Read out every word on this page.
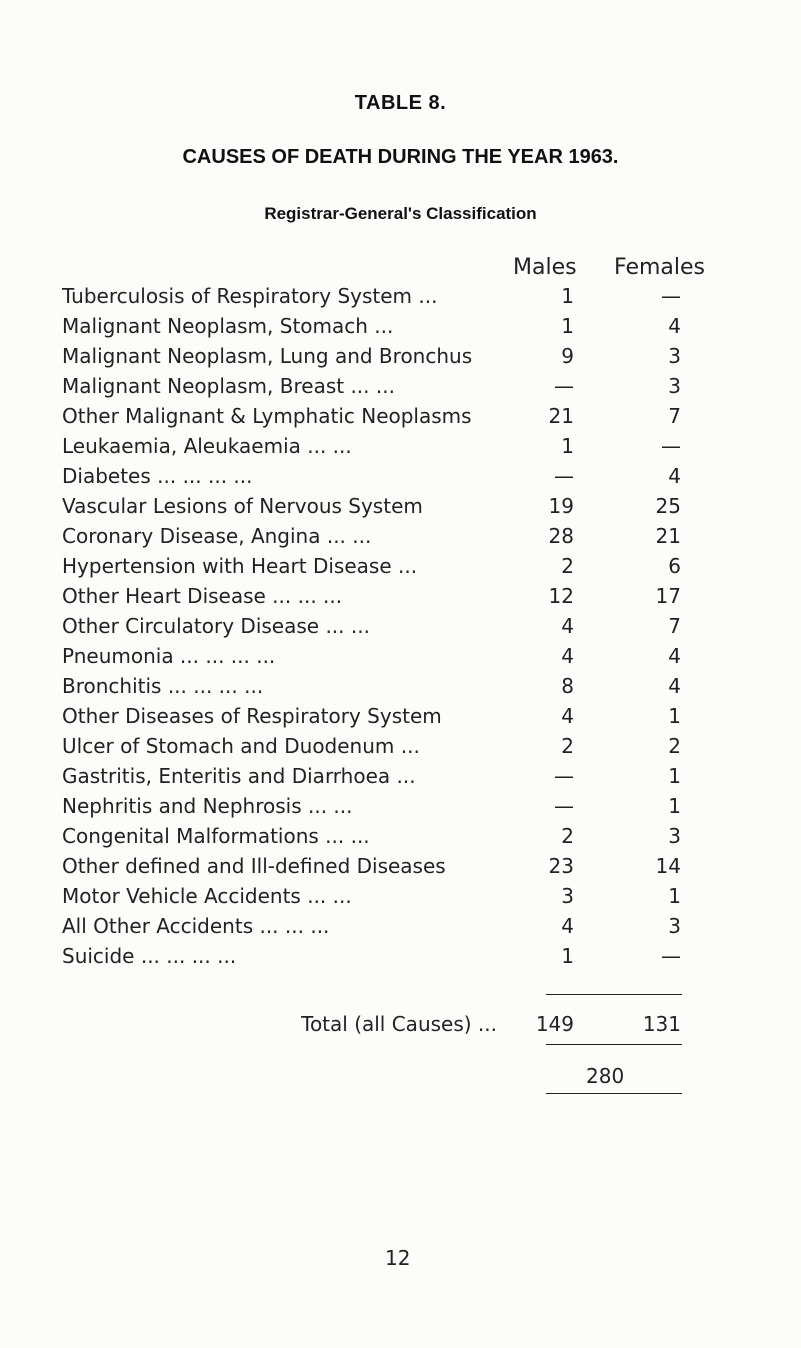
TABLE 8.
CAUSES OF DEATH DURING THE YEAR 1963.
Registrar-General's Classification
Males Females
Tuberculosis of Respiratory System ...	1	—
Malignant Neoplasm, Stomach ...	1	4
Malignant Neoplasm, Lung and Bronchus	9	3
Malignant Neoplasm, Breast ... ...	—	3
Other Malignant & Lymphatic Neoplasms	21	7
Leukaemia, Aleukaemia ... ...	1	—
Diabetes ... ... ... ...	—	4
Vascular Lesions of Nervous System	19	25
Coronary Disease, Angina ... ...	28	21
Hypertension with Heart Disease ...	2	6
Other Heart Disease ... ... ...	12	17
Other Circulatory Disease ... ...	4	7
Pneumonia ... ... ... ...	4	4
Bronchitis ... ... ... ...	8	4
Other Diseases of Respiratory System	4	1
Ulcer of Stomach and Duodenum ...	2	2
Gastritis, Enteritis and Diarrhoea ...	—	1
Nephritis and Nephrosis ... ...	—	1
Congenital Malformations ... ...	2	3
Other defined and Ill-defined Diseases	23	14
Motor Vehicle Accidents ... ...	3	1
All Other Accidents ... ... ...	4	3
Suicide ... ... ... ...	1	—
Total (all Causes) ... 149	131
280
12
